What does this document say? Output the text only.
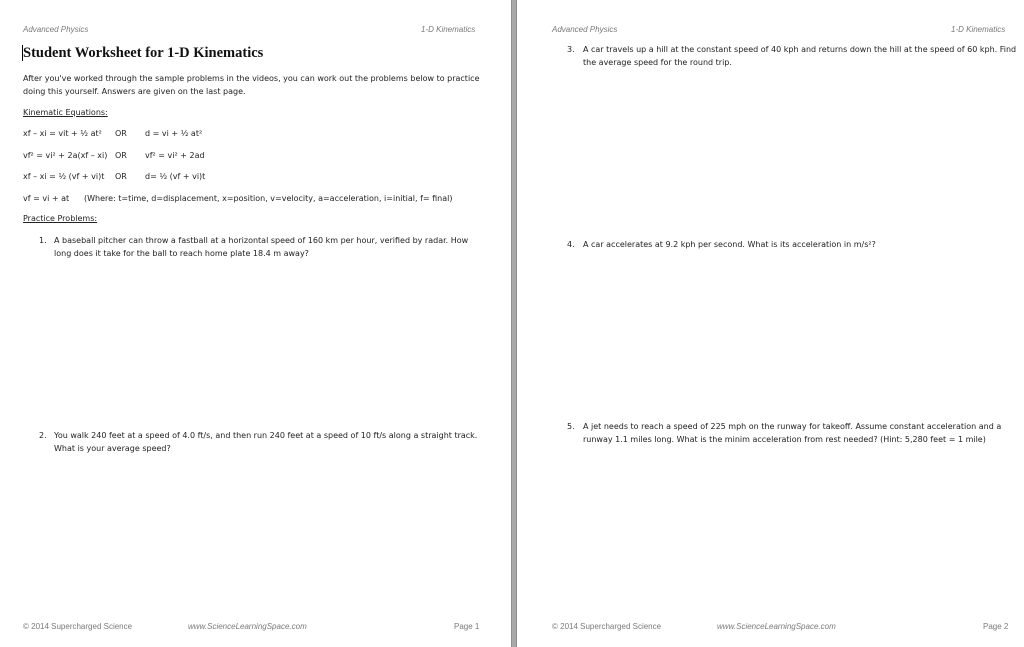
Advanced Physics	1-D Kinematics
Student Worksheet for 1-D Kinematics
After you've worked through the sample problems in the videos, you can work out the problems below to practice
doing this yourself. Answers are given on the last page.
Kinematic Equations:
xf – xi = vit + ½ at² OR d = vi + ½ at²
vf² = vi² + 2a(xf – xi) OR vf² = vi² + 2ad
xf – xi = ½ (vf + vi)t OR d= ½ (vf + vi)t
vf = vi + at (Where: t=time, d=displacement, x=position, v=velocity, a=acceleration, i=initial, f= final)
Practice Problems:
1. A baseball pitcher can throw a fastball at a horizontal speed of 160 km per hour, verified by radar. How
long does it take for the ball to reach home plate 18.4 m away?
2. You walk 240 feet at a speed of 4.0 ft/s, and then run 240 feet at a speed of 10 ft/s along a straight track.
What is your average speed?
© 2014 Supercharged Science	www.ScienceLearningSpace.com	Page 1
Advanced Physics	1-D Kinematics
3. A car travels up a hill at the constant speed of 40 kph and returns down the hill at the speed of 60 kph. Find
the average speed for the round trip.
4. A car accelerates at 9.2 kph per second. What is its acceleration in m/s²?
5. A jet needs to reach a speed of 225 mph on the runway for takeoff. Assume constant acceleration and a
runway 1.1 miles long. What is the minim acceleration from rest needed? (Hint: 5,280 feet = 1 mile)
© 2014 Supercharged Science	www.ScienceLearningSpace.com	Page 2
